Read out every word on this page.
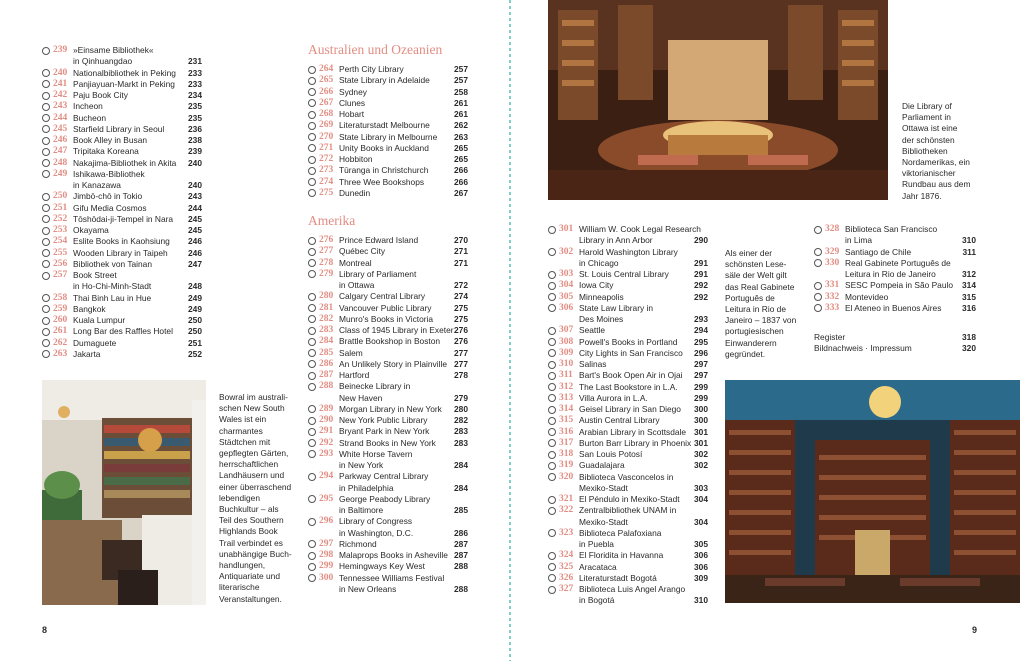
239 »Einsame Bibliothek«
in Qinhuangdao	231
240 Nationalbibliothek in Peking 233
241 Panjiayuan-Markt in Peking 233
242 Paju Book City	234
243 Incheon	235
244 Bucheon	235
245 Starfield Library in Seoul	236
246 Book Alley in Busan	238
247 Tripitaka Koreana	239
248 Nakajima-Bibliothek in Akita 240
249 Ishikawa-Bibliothek
in Kanazawa	240
250 Jimbō-chō in Tokio	243
251 Gifu Media Cosmos	244
252 Tōshōdai-ji-Tempel in Nara 245
253 Okayama	245
254 Eslite Books in Kaohsiung 246
255 Wooden Library in Taipeh	246
256 Bibliothek von Tainan	247
257 Book Street
in Ho-Chi-Minh-Stadt	248
258 Thai Binh Lau in Hue	249
259 Bangkok	249
260 Kuala Lumpur	250
261 Long Bar des Raffles Hotel 250
262 Dumaguete	251
263 Jakarta	252
Australien und Ozeanien
264 Perth City Library	257
265 State Library in Adelaide	257
266 Sydney	258
267 Clunes	261
268 Hobart	261
269 Literaturstadt Melbourne	262
270 State Library in Melbourne 263
271 Unity Books in Auckland	265
272 Hobbiton	265
273 Tūranga in Christchurch	266
274 Three Wee Bookshops	266
275 Dunedin	267
Amerika
276 Prince Edward Island	270
277 Québec City	271
278 Montreal	271
279 Library of Parliament
in Ottawa	272
280 Calgary Central Library	274
281 Vancouver Public Library	275
282 Munro's Books in Victoria	275
283 Class of 1945 Library in Exeter 276
284 Brattle Bookshop in Boston 276
285 Salem	277
286 An Unlikely Story in Plainville 277
287 Hartford	278
288 Beinecke Library in
New Haven	279
289 Morgan Library in New York 280
290 New York Public Library	282
291 Bryant Park in New York	283
292 Strand Books in New York 283
293 White Horse Tavern
in New York	284
294 Parkway Central Library
in Philadelphia	284
295 George Peabody Library
in Baltimore	285
296 Library of Congress
in Washington, D.C.	286
297 Richmond	287
298 Malaprops Books in Asheville 287
299 Hemingways Key West	288
300 Tennessee Williams Festival
in New Orleans	288
Bowral im australi-
schen New South
Wales ist ein
charmantes
Städtchen mit
gepflegten Gärten,
herrschaftlichen
Landhäusern und
einer überraschend
lebendigen
Buchkultur – als
Teil des Southern
Highlands Book
Trail verbindet es
unabhängige Buch-
handlungen,
Antiquariate und
literarische
Veranstaltungen.
8
Die Library of
Parliament in
Ottawa ist eine
der schönsten
Bibliotheken
Nordamerikas, ein
viktorianischer
Rundbau aus dem
Jahr 1876.
301 William W. Cook Legal Research
Library in Ann Arbor	290
302 Harold Washington Library
in Chicago	291
303 St. Louis Central Library	291
304 Iowa City	292
305 Minneapolis	292
306 State Law Library in
Des Moines	293
307 Seattle	294
308 Powell's Books in Portland 295
309 City Lights in San Francisco 296
310 Salinas	297
311 Bart's Book Open Air in Ojai 297
312 The Last Bookstore in L.A. 299
313 Villa Aurora in L.A.	299
314 Geisel Library in San Diego 300
315 Austin Central Library	300
316 Arabian Library in Scottsdale 301
317 Burton Barr Library in Phoenix 301
318 San Louis Potosí	302
319 Guadalajara	302
320 Biblioteca Vasconcelos in
Mexiko-Stadt	303
321 El Péndulo in Mexiko-Stadt 304
322 Zentralbibliothek UNAM in
Mexiko-Stadt	304
323 Biblioteca Palafoxiana
in Puebla	305
324 El Floridita in Havanna	306
325 Aracataca	306
326 Literaturstadt Bogotá	309
327 Biblioteca Luis Angel Arango
in Bogotá	310
Als einer der
schönsten Lese-
säle der Welt gilt
das Real Gabinete
Português de
Leitura in Rio de
Janeiro – 1837 von
portugiesischen
Einwanderern
gegründet.
328 Biblioteca San Francisco
in Lima	310
329 Santiago de Chile	311
330 Real Gabinete Português de
Leitura in Rio de Janeiro	312
331 SESC Pompeia in São Paulo 314
332 Montevideo	315
333 El Ateneo in Buenos Aires	316
Register	318
Bildnachweis · Impressum	320
9
